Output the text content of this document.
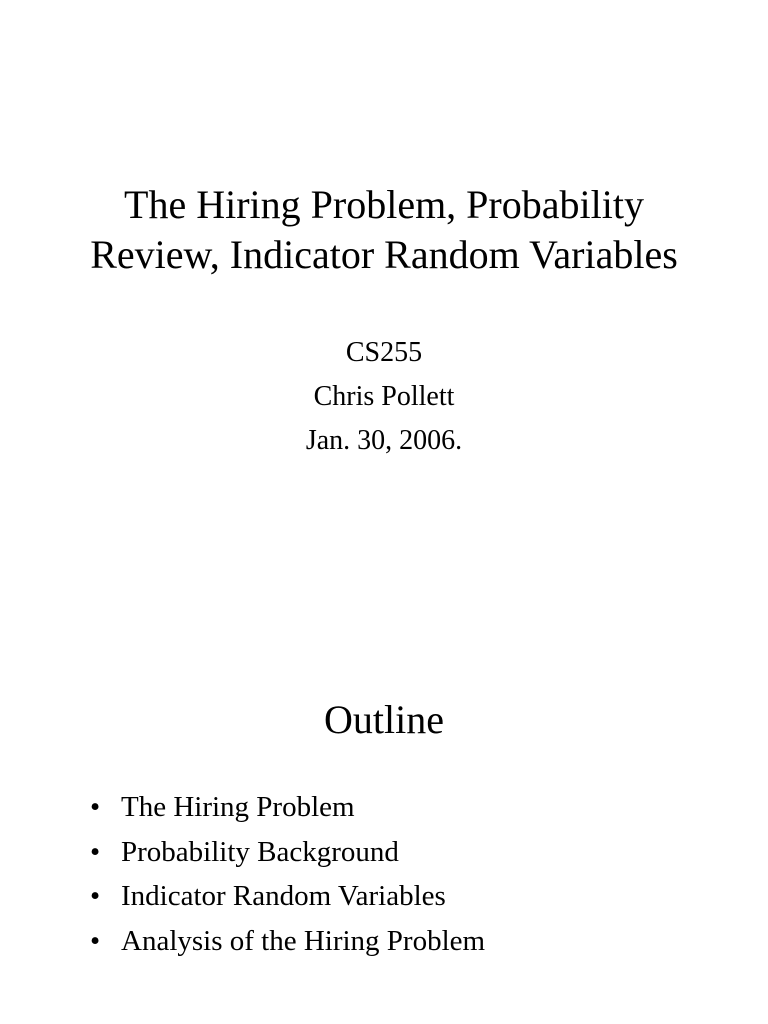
The Hiring Problem, Probability Review, Indicator Random Variables

CS255

Chris Pollett

Jan. 30, 2006.

Outline
• The Hiring Problem
• Probability Background
• Indicator Random Variables
• Analysis of the Hiring Problem
